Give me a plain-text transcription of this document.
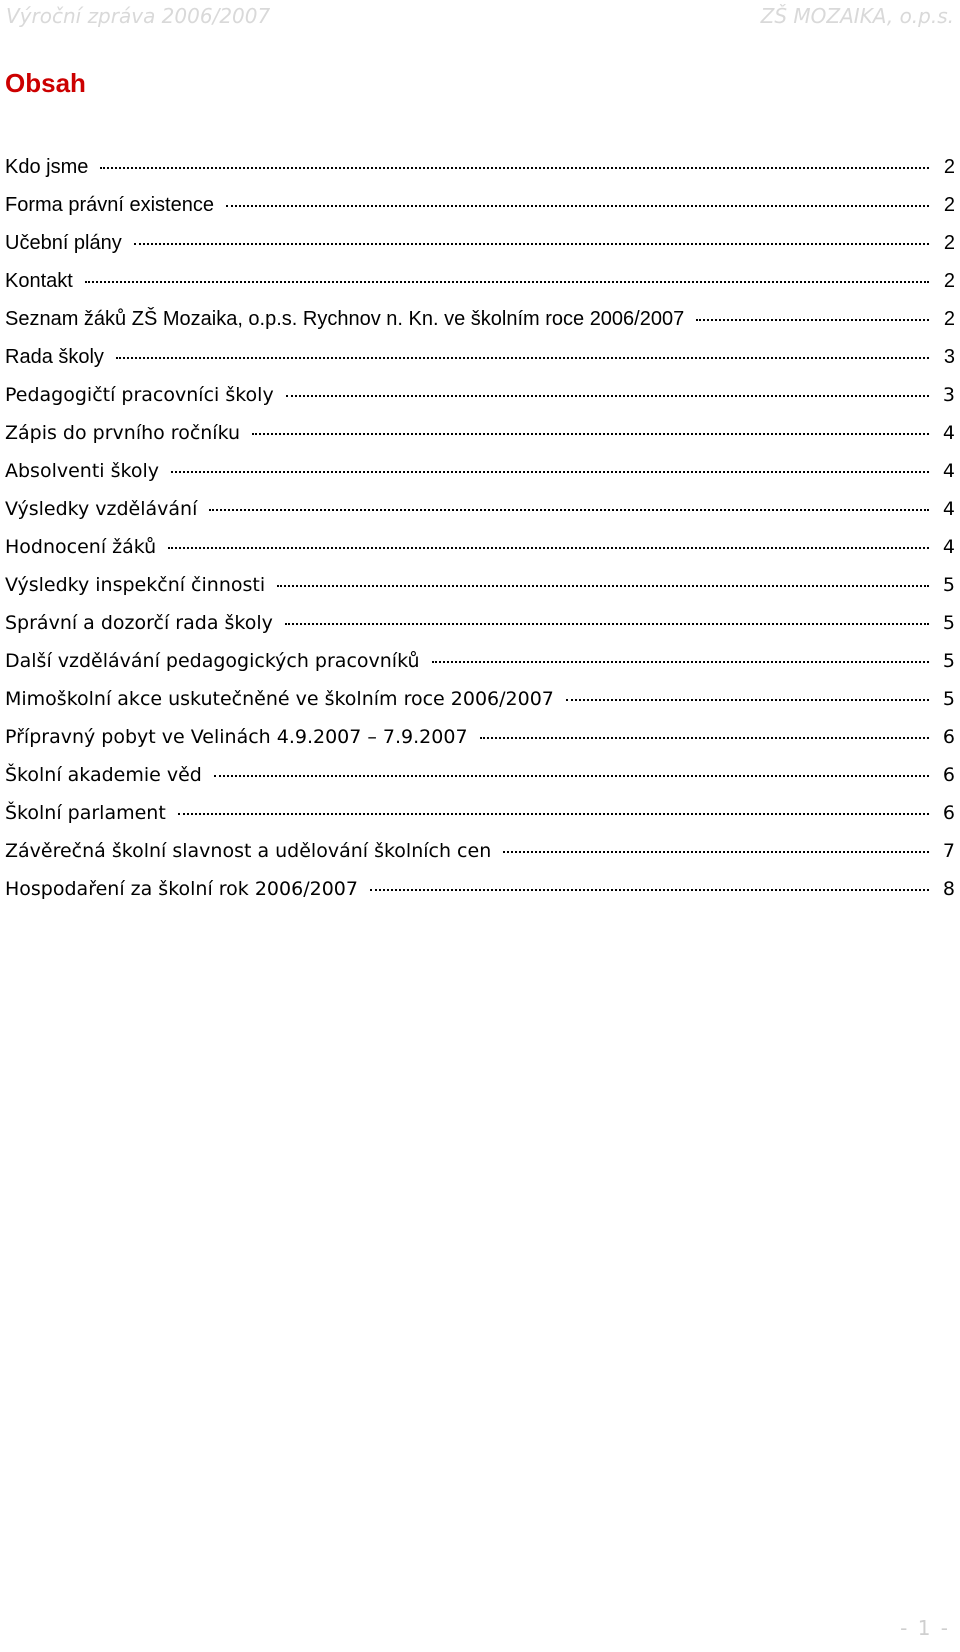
Výroční zpráva 2006/2007	ZŠ MOZAIKA, o.p.s.
Obsah
Kdo jsme	2
Forma právní existence	2
Učební plány	2
Kontakt	2
Seznam žáků ZŠ Mozaika, o.p.s. Rychnov n. Kn. ve školním roce 2006/2007	2
Rada školy	3
Pedagogičtí pracovníci školy	3
Zápis do prvního ročníku	4
Absolventi školy	4
Výsledky vzdělávání	4
Hodnocení žáků	4
Výsledky inspekční činnosti	5
Správní a dozorčí rada školy	5
Další vzdělávání pedagogických pracovníků	5
Mimoškolní akce uskutečněné ve školním roce 2006/2007	5
Přípravný pobyt ve Velinách 4.9.2007 – 7.9.2007	6
Školní akademie věd	6
Školní parlament	6
Závěrečná školní slavnost a udělování školních cen	7
Hospodaření za školní rok 2006/2007	8
- 1 -
